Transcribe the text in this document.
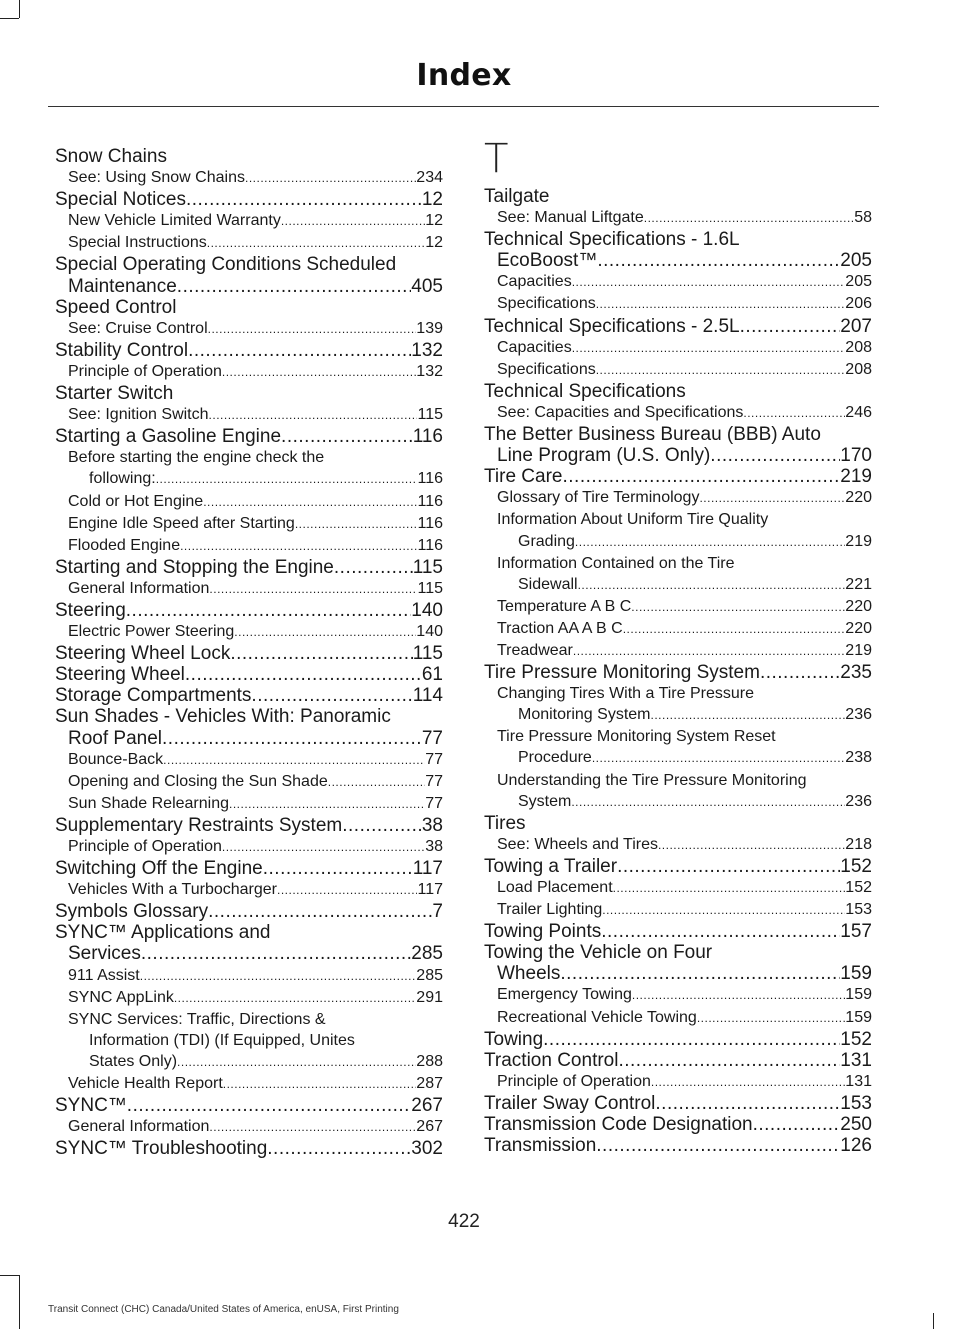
Index
Snow Chains
See: Using Snow Chains .....	234
Special Notices .....	12
New Vehicle Limited Warranty .....	12
Special Instructions .....	12
Special Operating Conditions Scheduled
Maintenance .....	405
Speed Control
See: Cruise Control .....	139
Stability Control .....	132
Principle of Operation .....	132
Starter Switch
See: Ignition Switch .....	115
Starting a Gasoline Engine .....	116
Before starting the engine check the
following: .....	116
Cold or Hot Engine .....	116
Engine Idle Speed after Starting .....	116
Flooded Engine .....	116
Starting and Stopping the Engine .....	115
General Information .....	115
Steering .....	140
Electric Power Steering .....	140
Steering Wheel Lock .....	115
Steering Wheel .....	61
Storage Compartments .....	114
Sun Shades - Vehicles With: Panoramic
Roof Panel .....	77
Bounce-Back .....	77
Opening and Closing the Sun Shade .....	77
Sun Shade Relearning .....	77
Supplementary Restraints System .....	38
Principle of Operation .....	38
Switching Off the Engine .....	117
Vehicles With a Turbocharger .....	117
Symbols Glossary .....	7
SYNC™ Applications and
Services .....	285
911 Assist .....	285
SYNC AppLink .....	291
SYNC Services: Traffic, Directions &
Information (TDI) (If Equipped, Unites
States Only) .....	288
Vehicle Health Report .....	287
SYNC™ .....	267
General Information .....	267
SYNC™ Troubleshooting .....	302
T
Tailgate
See: Manual Liftgate .....	58
Technical Specifications - 1.6L
EcoBoost™ .....	205
Capacities .....	205
Specifications .....	206
Technical Specifications - 2.5L .....	207
Capacities .....	208
Specifications .....	208
Technical Specifications
See: Capacities and Specifications .....	246
The Better Business Bureau (BBB) Auto
Line Program (U.S. Only) .....	170
Tire Care .....	219
Glossary of Tire Terminology .....	220
Information About Uniform Tire Quality
Grading .....	219
Information Contained on the Tire
Sidewall .....	221
Temperature A B C .....	220
Traction AA A B C .....	220
Treadwear .....	219
Tire Pressure Monitoring System .....	235
Changing Tires With a Tire Pressure
Monitoring System .....	236
Tire Pressure Monitoring System Reset
Procedure .....	238
Understanding the Tire Pressure Monitoring
System .....	236
Tires
See: Wheels and Tires .....	218
Towing a Trailer .....	152
Load Placement .....	152
Trailer Lighting .....	153
Towing Points .....	157
Towing the Vehicle on Four
Wheels .....	159
Emergency Towing .....	159
Recreational Vehicle Towing .....	159
Towing .....	152
Traction Control .....	131
Principle of Operation .....	131
Trailer Sway Control .....	153
Transmission Code Designation .....	250
Transmission .....	126
422
Transit Connect (CHC) Canada/United States of America, enUSA, First Printing
